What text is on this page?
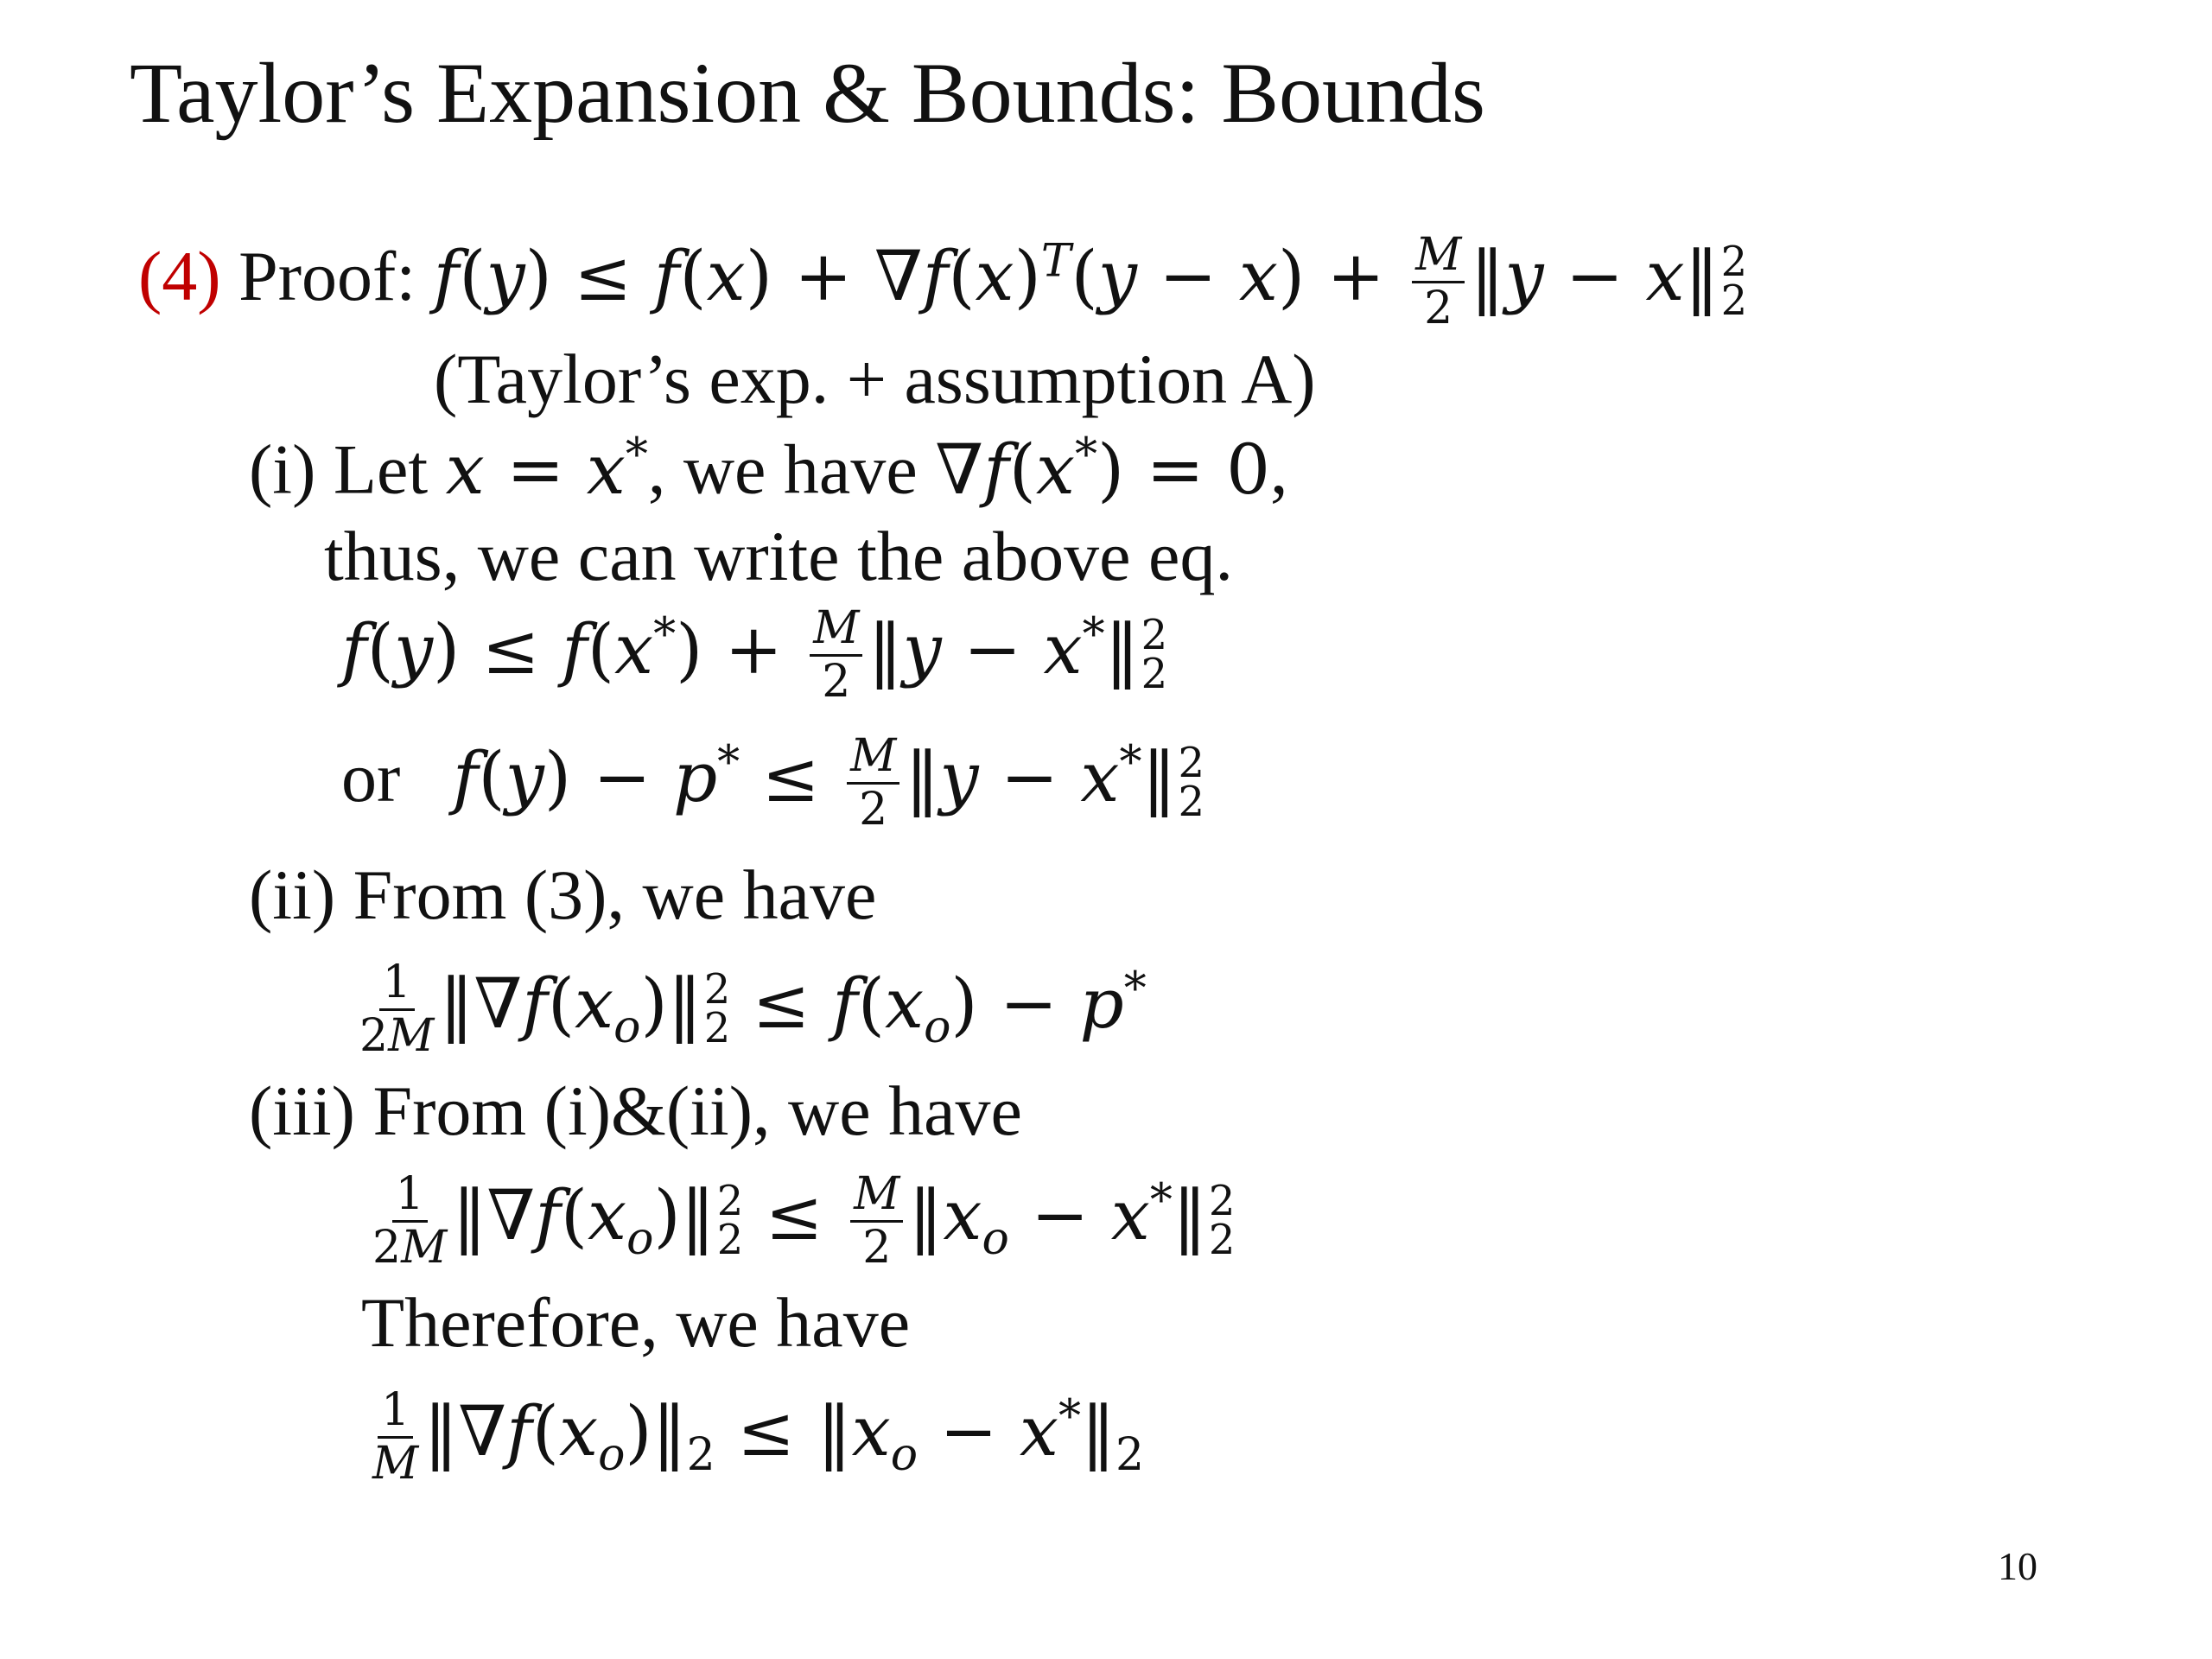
Taylor’s Expansion & Bounds: Bounds
(4) Proof: $f(y) \le f(x) + \nabla f(x)^T(y - x) + \frac{M}{2}$ ‖y − x‖ 2
2
(Taylor’s exp. + assumption A)
(i) Let x = x*, we have ∇f(x*) = 0,
thus, we can write the above eq.
$f(y) \le f(x^*) + \frac{M}{2}$ ‖y − x*‖ 2
2
or $f(y) - p^* \le \frac{M}{2}$ ‖y − x*‖ 2
2
(ii) From (3), we have
$\frac{1}{2M}$ $‖\nabla f(x_o)‖$ 2
$2 \le f(x_o) - p^*$
(iii) From (i)&(ii), we have
$\frac{1}{2M}$ $‖\nabla f(x_o)‖$ 2
$2 \le \frac{M}{2}$ $‖x_o$ − x*‖ 2
2
Therefore, we have
$\frac{1}{M}$ $‖\nabla f(x_o)‖_2$ ≤ $‖x_o$ − $x^*‖_2$
10
